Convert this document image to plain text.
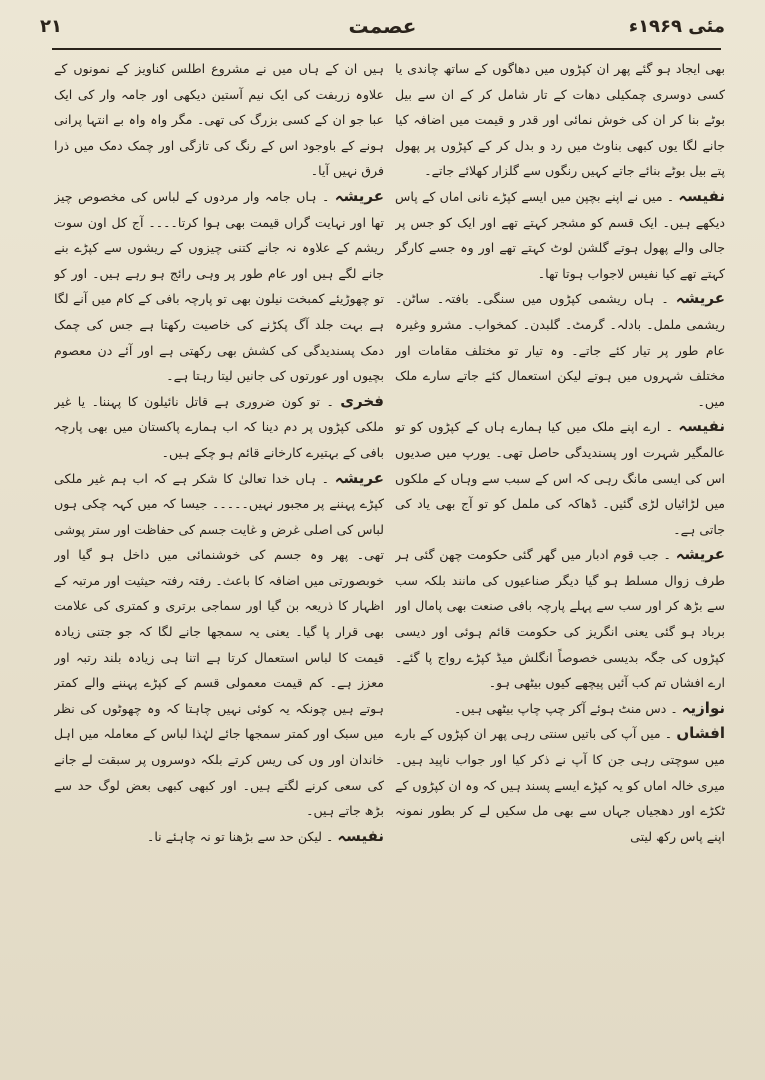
مئی ۱۹۶۹ء
عصمت
۲۱

بھی ایجاد ہو گئے پھر ان کپڑوں میں دھاگوں کے ساتھ چاندی یا کسی دوسری چمکیلی دھات کے تار شامل کر کے ان سے بیل بوٹے بنا کر ان کی خوش نمائی اور قدر و قیمت میں اضافہ کیا جانے لگا یوں کبھی بناوٹ میں رد و بدل کر کے کپڑوں پر پھول پتے بیل بوٹے بنائے جاتے کہیں رنگوں سے گلزار کھلائے جاتے۔

نفیسہ ۔ میں نے اپنے بچپن میں ایسے کپڑے نانی اماں کے پاس دیکھے ہیں۔ ایک قسم کو مشجر کہتے تھے اور ایک کو جس پر جالی والے پھول ہوتے گلشن لوٹ کہتے تھے اور وہ جسے کارگر کہتے تھے کیا نفیس لاجواب ہوتا تھا۔

عریشہ ۔ ہاں ریشمی کپڑوں میں سنگی۔ بافتہ۔ ساٹن۔ ریشمی ململ۔ بادلہ۔ گرمٹ۔ گلبدن۔ کمخواب۔ مشرو وغیرہ عام طور پر تیار کئے جاتے۔ وہ تیار تو مختلف مقامات اور مختلف شہروں میں ہوتے لیکن استعمال کئے جاتے سارے ملک میں۔

نفیسہ ۔ ارے اپنے ملک میں کیا ہمارے ہاں کے کپڑوں کو تو عالمگیر شہرت اور پسندیدگی حاصل تھی۔ یورپ میں صدیوں اس کی ایسی مانگ رہی کہ اس کے سبب سے وہاں کے ملکوں میں لڑائیاں لڑی گئیں۔ ڈھاکہ کی ململ کو تو آج بھی یاد کی جاتی ہے۔

عریشہ ۔ جب قوم ادبار میں گھر گئی حکومت چھن گئی ہر طرف زوال مسلط ہو گیا دیگر صناعیوں کی مانند بلکہ سب سے بڑھ کر اور سب سے پہلے پارچہ بافی صنعت بھی پامال اور برباد ہو گئی یعنی انگریز کی حکومت قائم ہوئی اور دیسی کپڑوں کی جگہ بدیسی خصوصاً انگلش میڈ کپڑے رواج پا گئے۔ ارے افشاں تم کب آئیں پیچھے کیوں بیٹھی ہو۔

نوازیہ ۔ دس منٹ ہوئے آکر چپ چاپ بیٹھی ہیں۔

افشاں ۔ میں آپ کی باتیں سنتی رہی پھر ان کپڑوں کے بارے میں سوچتی رہی جن کا آپ نے ذکر کیا اور جواب ناپید ہیں۔ میری خالہ اماں کو یہ کپڑے ایسے پسند ہیں کہ وہ ان کپڑوں کے ٹکڑے اور دھجیاں جہاں سے بھی مل سکیں لے کر بطور نمونہ اپنے پاس رکھ لیتی

ہیں ان کے ہاں میں نے مشروع اطلس کناویز کے نمونوں کے علاوہ زربفت کی ایک نیم آستین دیکھی اور جامہ وار کی ایک عبا جو ان کے کسی بزرگ کی تھی۔ مگر واہ واہ بے انتہا پرانی ہونے کے باوجود اس کے رنگ کی تازگی اور چمک دمک میں ذرا فرق نہیں آیا۔

عریشہ ۔ ہاں جامہ وار مردوں کے لباس کی مخصوص چیز تھا اور نہایت گراں قیمت بھی ہوا کرتا۔۔۔۔ آج کل اون سوت ریشم کے علاوہ نہ جانے کتنی چیزوں کے ریشوں سے کپڑے بنے جانے لگے ہیں اور عام طور پر وہی رائج ہو رہے ہیں۔ اور کو تو چھوڑیئے کمبخت نیلون بھی تو پارچہ بافی کے کام میں آنے لگا ہے بہت جلد آگ پکڑنے کی خاصیت رکھتا ہے جس کی چمک دمک پسندیدگی کی کشش بھی رکھتی ہے اور آئے دن معصوم بچیوں اور عورتوں کی جانیں لیتا رہتا ہے۔

فخری ۔ تو کون ضروری ہے قاتل نائیلون کا پہننا۔ یا غیر ملکی کپڑوں پر دم دینا کہ اب ہمارے پاکستان میں بھی پارچہ بافی کے بہتیرے کارخانے قائم ہو چکے ہیں۔

عریشہ ۔ ہاں خدا تعالیٰ کا شکر ہے کہ اب ہم غیر ملکی کپڑے پہننے پر مجبور نہیں۔۔۔۔۔ جیسا کہ میں کہہ چکی ہوں لباس کی اصلی غرض و غایت جسم کی حفاظت اور ستر پوشی تھی۔ پھر وہ جسم کی خوشنمائی میں داخل ہو گیا اور خوبصورتی میں اضافہ کا باعث۔ رفتہ رفتہ حیثیت اور مرتبہ کے اظہار کا ذریعہ بن گیا اور سماجی برتری و کمتری کی علامت بھی قرار پا گیا۔ یعنی یہ سمجھا جانے لگا کہ جو جتنی زیادہ قیمت کا لباس استعمال کرتا ہے اتنا ہی زیادہ بلند رتبہ اور معزز ہے۔ کم قیمت معمولی قسم کے کپڑے پہننے والے کمتر ہوتے ہیں چونکہ یہ کوئی نہیں چاہتا کہ وہ چھوٹوں کی نظر میں سبک اور کمتر سمجھا جائے لہٰذا لباس کے معاملہ میں اہل خاندان اور وں کی ریس کرتے بلکہ دوسروں پر سبقت لے جانے کی سعی کرنے لگتے ہیں۔ اور کبھی کبھی بعض لوگ حد سے بڑھ جاتے ہیں۔

نفیسہ ۔ لیکن حد سے بڑھنا تو نہ چاہئے نا۔
